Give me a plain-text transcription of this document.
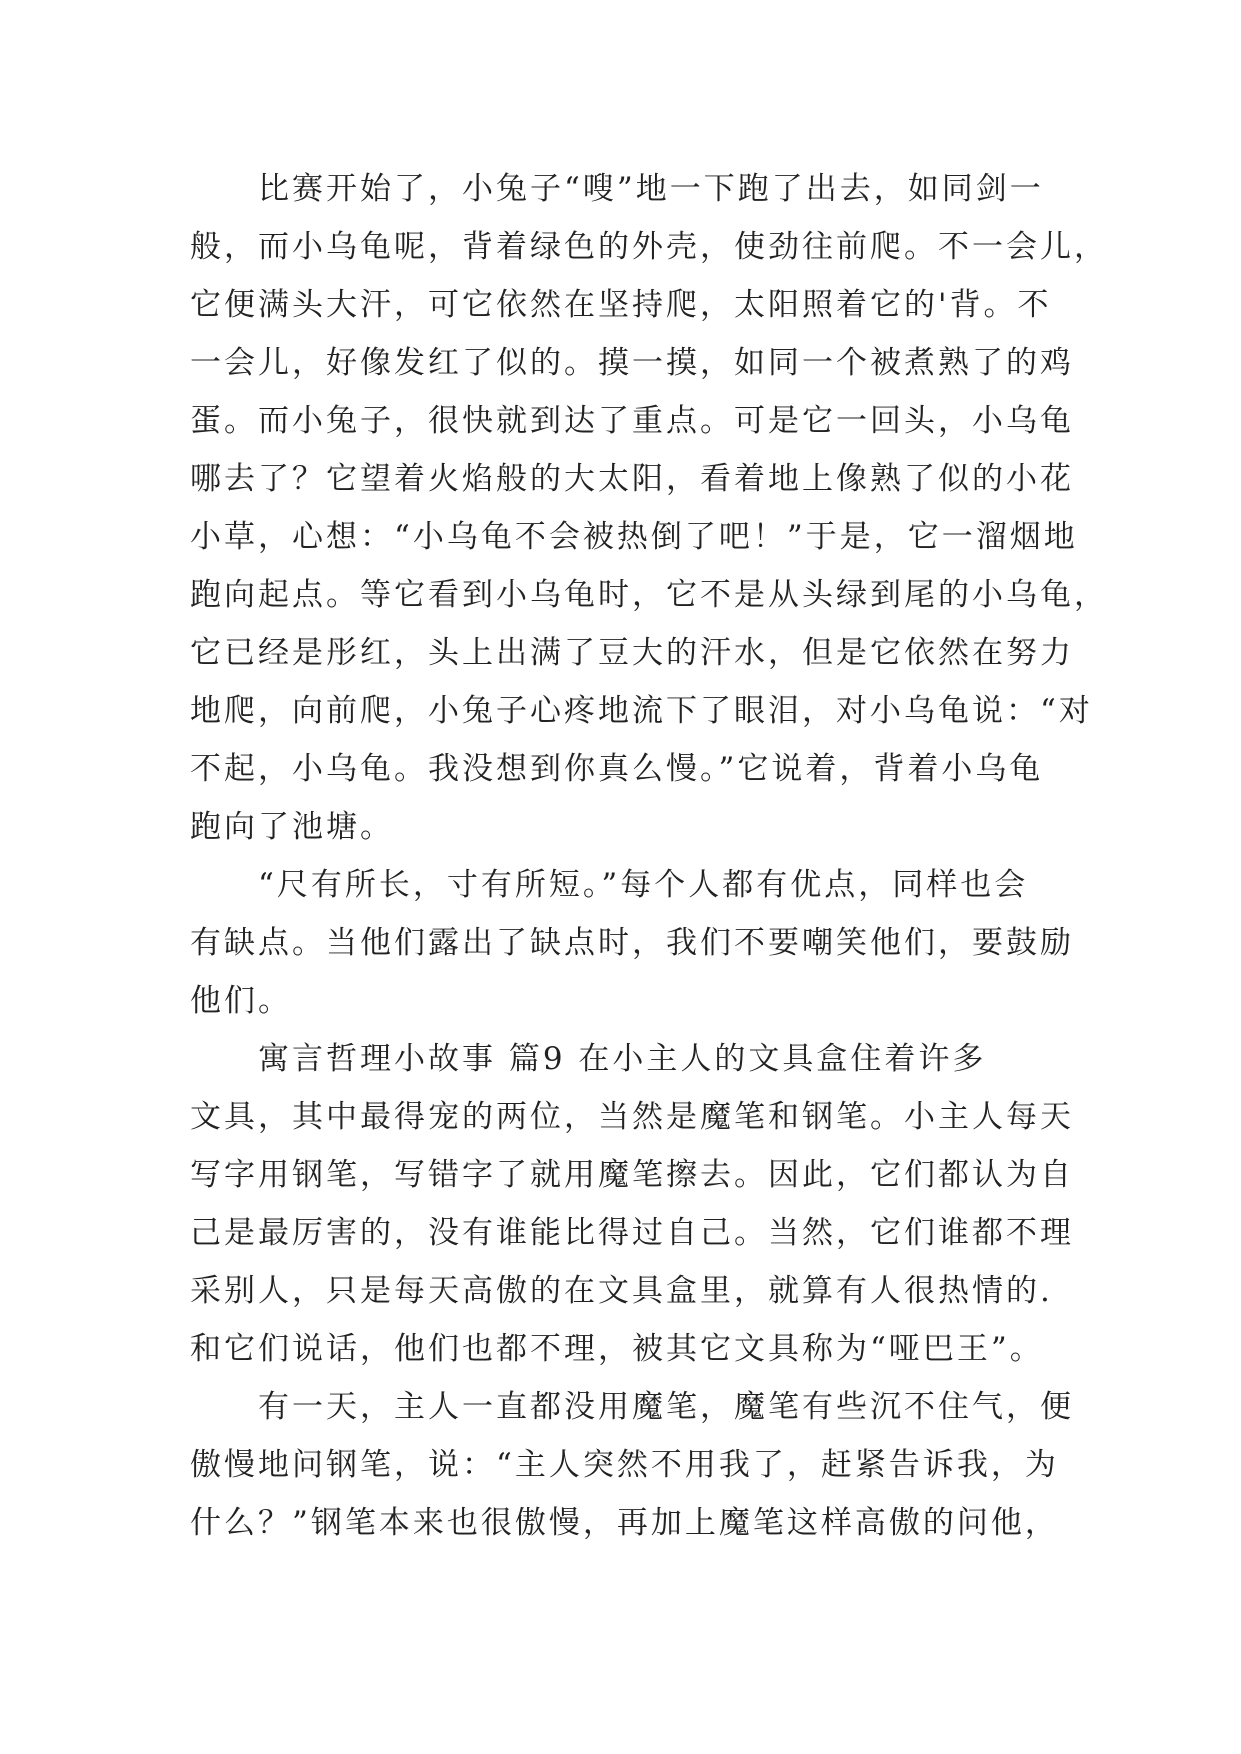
比赛开始了，小兔子“嗖”地一下跑了出去，如同剑一
般，而小乌龟呢，背着绿色的外壳，使劲往前爬。不一会儿，
它便满头大汗，可它依然在坚持爬，太阳照着它的'背。不
一会儿，好像发红了似的。摸一摸，如同一个被煮熟了的鸡
蛋。而小兔子，很快就到达了重点。可是它一回头，小乌龟
哪去了？它望着火焰般的大太阳，看着地上像熟了似的小花
小草，心想：“小乌龟不会被热倒了吧！”于是，它一溜烟地
跑向起点。等它看到小乌龟时，它不是从头绿到尾的小乌龟，
它已经是彤红，头上出满了豆大的汗水，但是它依然在努力
地爬，向前爬，小兔子心疼地流下了眼泪，对小乌龟说：“对
不起，小乌龟。我没想到你真么慢。”它说着，背着小乌龟
跑向了池塘。
“尺有所长，寸有所短。”每个人都有优点，同样也会
有缺点。当他们露出了缺点时，我们不要嘲笑他们，要鼓励
他们。
寓言哲理小故事 篇9 在小主人的文具盒住着许多
文具，其中最得宠的两位，当然是魔笔和钢笔。小主人每天
写字用钢笔，写错字了就用魔笔擦去。因此，它们都认为自
己是最厉害的，没有谁能比得过自己。当然，它们谁都不理
采别人，只是每天高傲的在文具盒里，就算有人很热情的.
和它们说话，他们也都不理，被其它文具称为“哑巴王”。
有一天，主人一直都没用魔笔，魔笔有些沉不住气，便
傲慢地问钢笔，说：“主人突然不用我了，赶紧告诉我，为
什么？”钢笔本来也很傲慢，再加上魔笔这样高傲的问他，
